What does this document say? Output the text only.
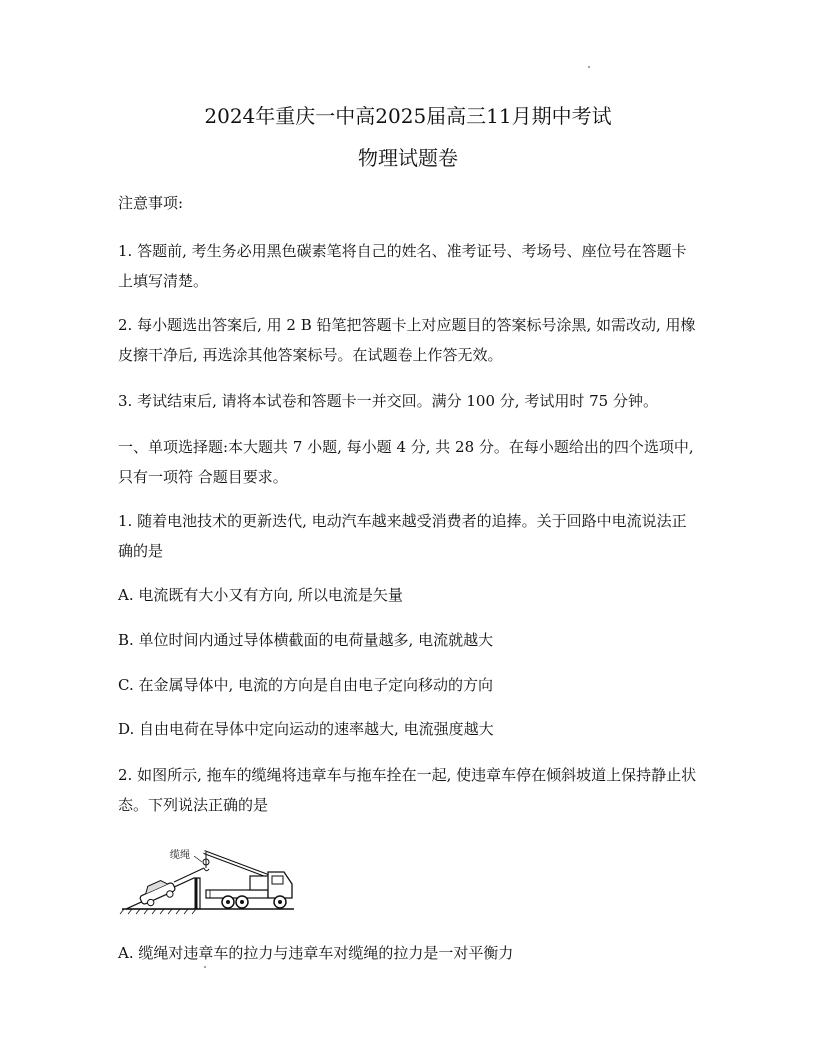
2024年重庆一中高2025届高三11月期中考试
物理试题卷

注意事项:

1. 答题前, 考生务必用黑色碳素笔将自己的姓名、准考证号、考场号、座位号在答题卡上填写清楚。

2. 每小题选出答案后, 用 2 B 铅笔把答题卡上对应题目的答案标号涂黑, 如需改动, 用橡皮擦干净后, 再选涂其他答案标号。在试题卷上作答无效。

3. 考试结束后, 请将本试卷和答题卡一并交回。满分 100 分, 考试用时 75 分钟。

一、单项选择题:本大题共 7 小题, 每小题 4 分, 共 28 分。在每小题给出的四个选项中, 只有一项符 合题目要求。

1. 随着电池技术的更新迭代, 电动汽车越来越受消费者的追捧。关于回路中电流说法正确的是

A. 电流既有大小又有方向, 所以电流是矢量

B. 单位时间内通过导体横截面的电荷量越多, 电流就越大

C. 在金属导体中, 电流的方向是自由电子定向移动的方向

D. 自由电荷在导体中定向运动的速率越大, 电流强度越大

2. 如图所示, 拖车的缆绳将违章车与拖车拴在一起, 使违章车停在倾斜坡道上保持静止状态。下列说法正确的是

缆绳

A. 缆绳对违章车的拉力与违章车对缆绳的拉力是一对平衡力
